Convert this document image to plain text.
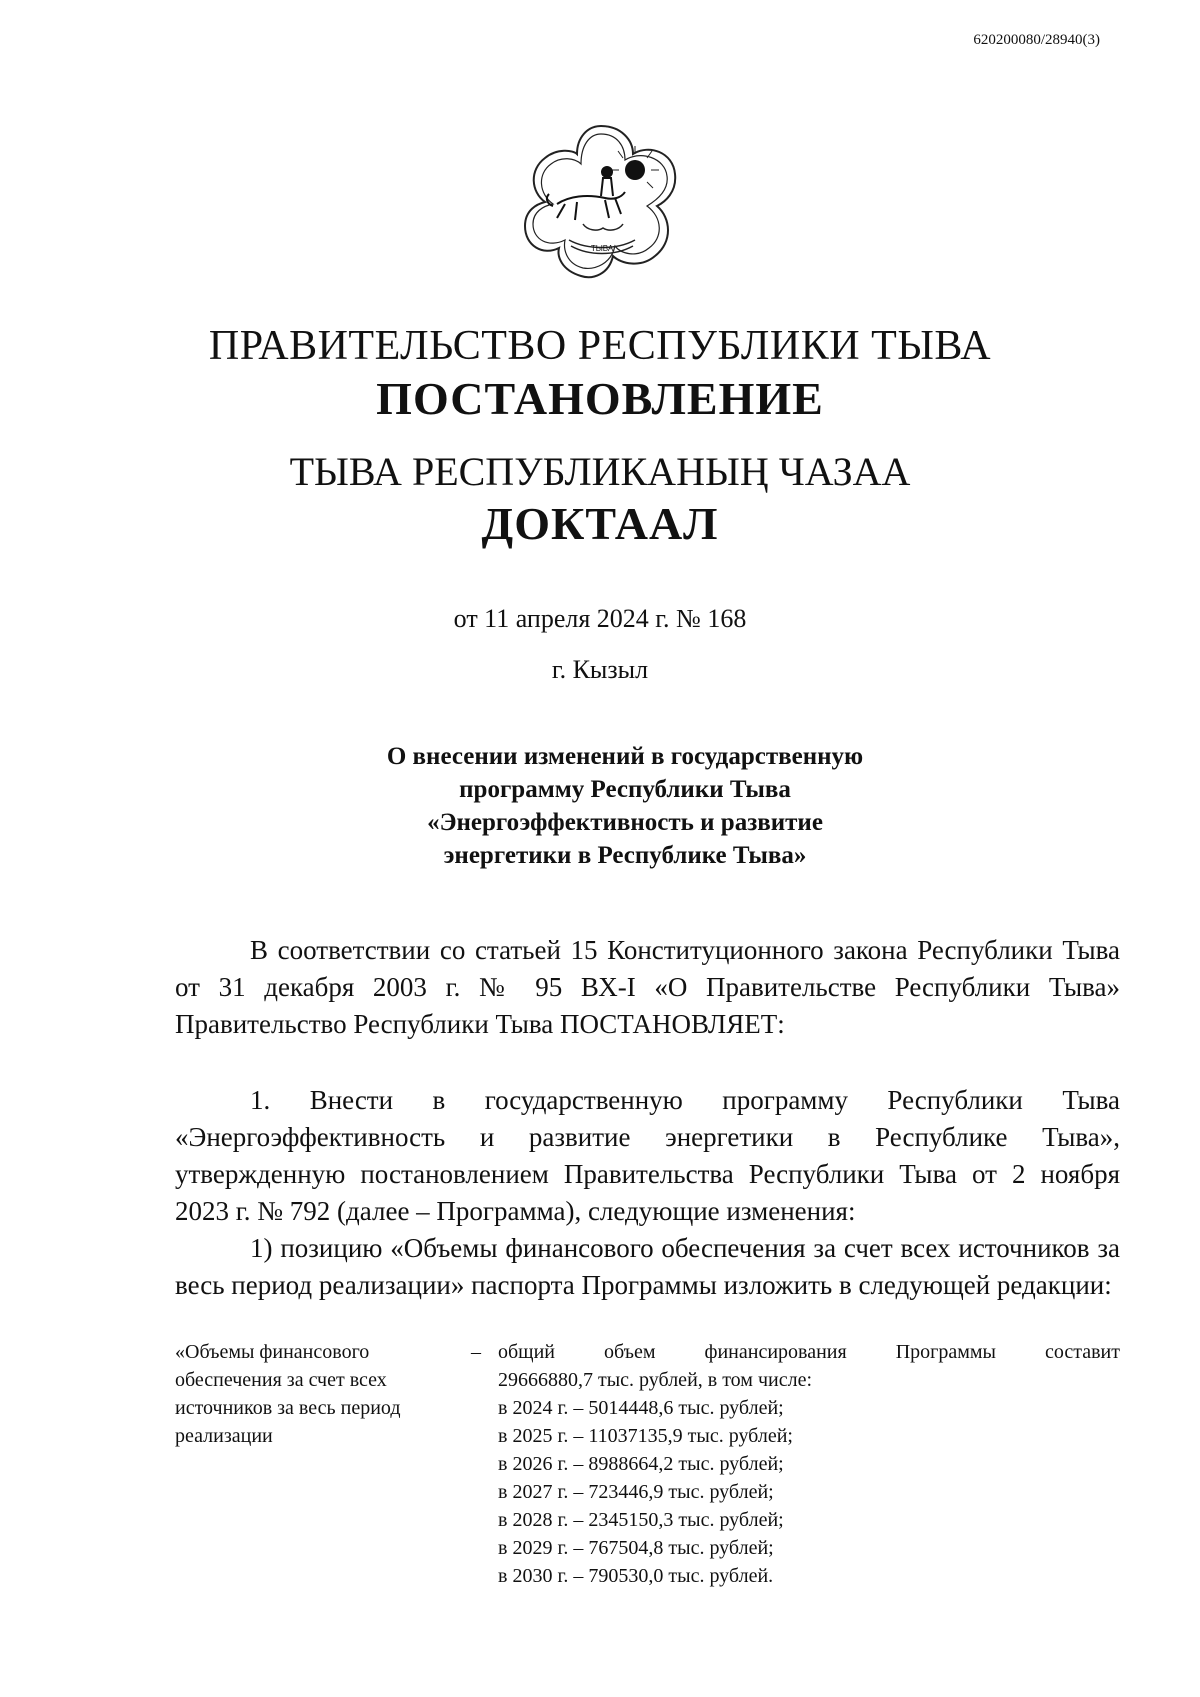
620200080/28940(3)
ТЫВА
ПРАВИТЕЛЬСТВО РЕСПУБЛИКИ ТЫВА
ПОСТАНОВЛЕНИЕ
ТЫВА РЕСПУБЛИКАНЫҢ ЧАЗАА
ДОКТААЛ
от 11 апреля 2024 г. № 168
г. Кызыл
О внесении изменений в государственную
программу Республики Тыва
«Энергоэффективность и развитие
энергетики в Республике Тыва»

В соответствии со статьей 15 Конституционного закона Республики Тыва от 31 декабря 2003 г. № 95 ВХ-I «О Правительстве Республики Тыва» Правительство Республики Тыва ПОСТАНОВЛЯЕТ:

1. Внести в государственную программу Республики Тыва «Энергоэффективность и развитие энергетики в Республике Тыва», утвержденную постановлением Правительства Республики Тыва от 2 ноября 2023 г. № 792 (далее – Программа), следующие изменения:

1) позицию «Объемы финансового обеспечения за счет всех источников за весь период реализации» паспорта Программы изложить в следующей редакции:

«Объемы финансового
обеспечения за счет всех
источников за весь период
реализации
– общий объем финансирования Программы составит
29666880,7 тыс. рублей, в том числе:
в 2024 г. – 5014448,6 тыс. рублей;
в 2025 г. – 11037135,9 тыс. рублей;
в 2026 г. – 8988664,2 тыс. рублей;
в 2027 г. – 723446,9 тыс. рублей;
в 2028 г. – 2345150,3 тыс. рублей;
в 2029 г. – 767504,8 тыс. рублей;
в 2030 г. – 790530,0 тыс. рублей.
